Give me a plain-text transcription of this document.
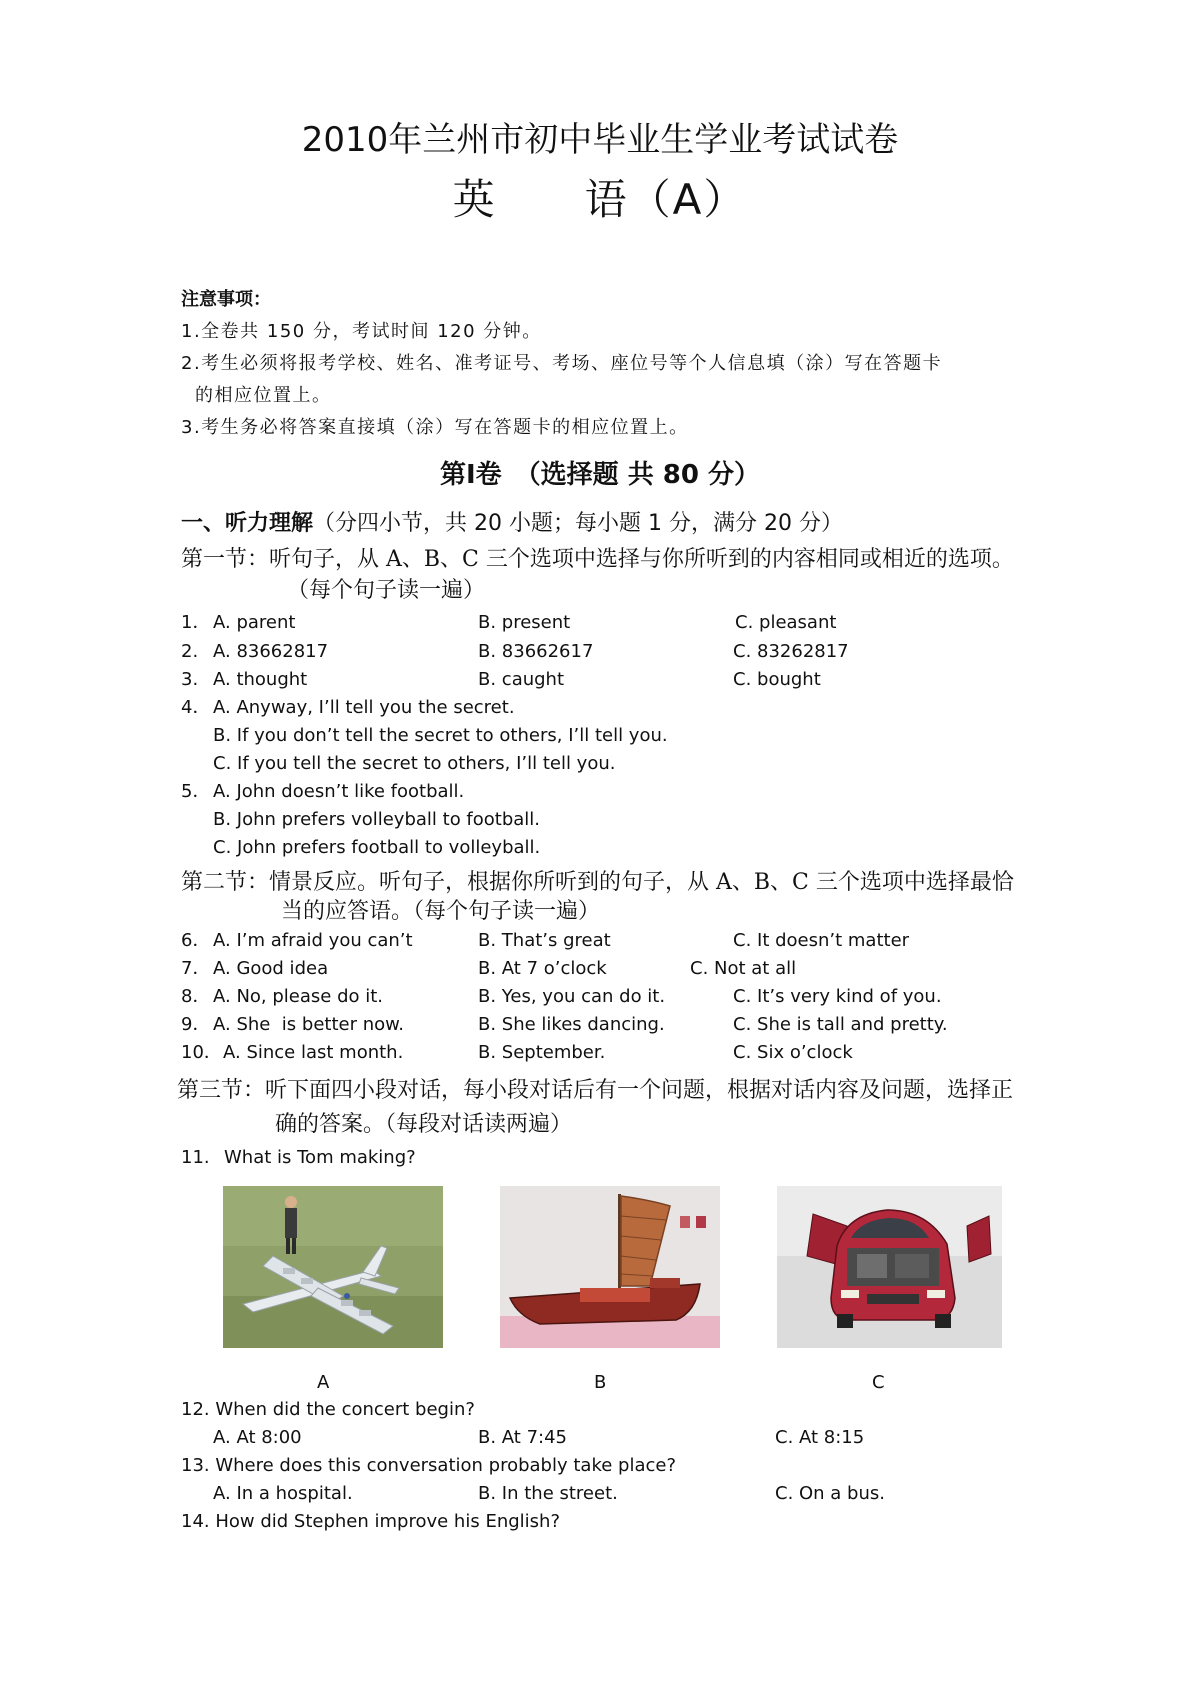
2010年兰州市初中毕业生学业考试试卷
英　　语（A）
注意事项：
1.全卷共 150 分，考试时间 120 分钟。
2.考生必须将报考学校、姓名、准考证号、考场、座位号等个人信息填（涂）写在答题卡
的相应位置上。
3.考生务必将答案直接填（涂）写在答题卡的相应位置上。
第Ⅰ卷　（选择题 共 80 分）
一、听力理解（分四小节，共 20 小题；每小题 1 分，满分 20 分）
第一节：听句子，从 A、B、C 三个选项中选择与你所听到的内容相同或相近的选项。
（每个句子读一遍）
1． A. parent	B. present	C. pleasant
2. A. 83662817	B. 83662617	C. 83262817
3. A. thought	B. caught	C. bought
4． A. Anyway, I’ll tell you the secret.
B. If you don’t tell the secret to others, I’ll tell you.
C. If you tell the secret to others, I’ll tell you.
5． A. John doesn’t like football.
B. John prefers volleyball to football.
C. John prefers football to volleyball.
第二节：情景反应。听句子，根据你所听到的句子，从 A、B、C 三个选项中选择最恰
当的应答语。（每个句子读一遍）
6． A. I’m afraid you can’t	B. That’s great	C. It doesn’t matter
7． A. Good idea	B. At 7 o’clock	C. Not at all
8． A. No, please do it.	B. Yes, you can do it.	C. It’s very kind of you.
9． A. She  is better now.	B. She likes dancing.	C. She is tall and pretty.
10． A. Since last month.	B. September.	C. Six o’clock
第三节：听下面四小段对话，每小段对话后有一个问题，根据对话内容及问题，选择正
确的答案。（每段对话读两遍）
11. What is Tom making?
A	B	C
12. When did the concert begin?
A. At 8:00	B. At 7:45	C. At 8:15
13. Where does this conversation probably take place?
A. In a hospital.	B. In the street.	C. On a bus.
14. How did Stephen improve his English?
